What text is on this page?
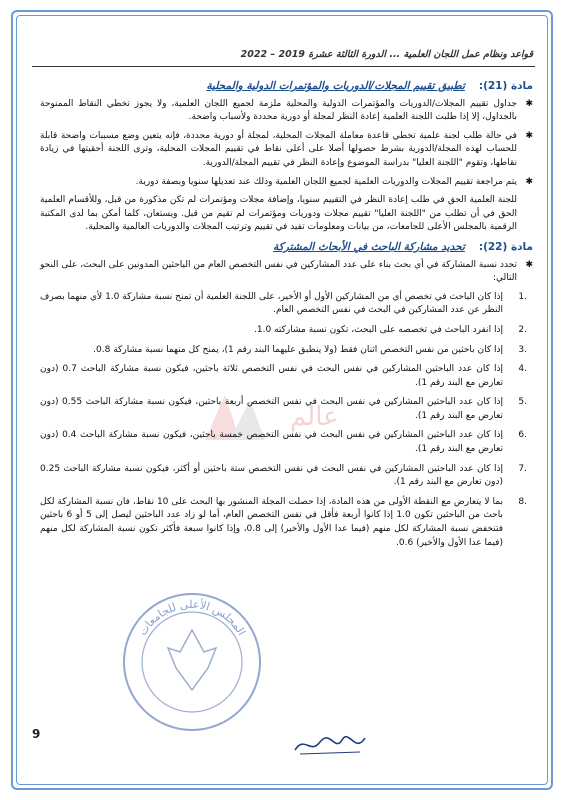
قواعد ونظام عمل اللجان العلمية ... الدورة الثالثة عشرة 2019 – 2022
عالم
مادة (21):
تطبيق تقييم المجلات/الدوريات والمؤتمرات الدولية والمحلية
✱
جداول تقييم المجلات/الدوريات والمؤتمرات الدولية والمحلية ملزمة لجميع اللجان العلمية، ولا يجوز تخطي النقاط الممنوحة بالجداول، إلا إذا طلبت اللجنة العلمية إعادة النظر لمجلة أو دورية محددة ولأسباب واضحة.
✱
في حالة طلب لجنة علمية تخطي قاعدة معاملة المجلات المحلية، لمجلة أو دورية محددة، فإنه يتعين وضع مسببات واضحة قابلة للحساب لهذه المجلة/الدورية بشرط حصولها أصلا على أعلى نقاط في تقييم المجلات المحلية، وترى اللجنة أحقيتها في زيادة نقاطها، وتقوم "اللجنة العليا" بدراسة الموضوع وإعادة النظر في تقييم المجلة/الدورية.
✱
يتم مراجعة تقييم المجلات والدوريات العلمية لجميع اللجان العلمية وذلك عند تعديلها سنويا وبصفة دورية.
للجنة العلمية الحق في طلب إعادة النظر في التقييم سنويا، وإضافة مجلات ومؤتمرات لم تكن مذكورة من قبل، وللأقسام العلمية الحق في أن تطلب من "اللجنة العليا" تقييم مجلات ودوريات ومؤتمرات لم تقيم من قبل. ويستعان، كلما أمكن بما لدى المكتبة الرقمية بالمجلس الأعلى للجامعات، من بيانات ومعلومات تفيد في تقييم وترتيب المجلات والدوريات العالمية والمحلية.
مادة (22):
تحديد مشاركة الباحث في الأبحاث المشتركة
✱
تحدد نسبة المشاركة في أي بحث بناء على عدد المشاركين في نفس التخصص العام من الباحثين المدونين على البحث، على النحو التالي:
1.
إذا كان الباحث في تخصص أي من المشاركين الأول أو الأخير، على اللجنة العلمية أن تمنح نسبة مشاركة 1.0 لأي منهما بصرف النظر عن عدد المشاركين في البحث في نفس التخصص العام.
2.
إذا انفرد الباحث في تخصصه على البحث، تكون نسبة مشاركته 1.0.
3.
إذا كان باحثين من نفس التخصص اثنان فقط (ولا ينطبق عليهما البند رقم 1)، يمنح كل منهما نسبة مشاركة 0.8.
4.
إذا كان عدد الباحثين المشاركين في نفس البحث في نفس التخصص ثلاثة باحثين، فيكون نسبة مشاركة الباحث 0.7 (دون تعارض مع البند رقم 1).
5.
إذا كان عدد الباحثين المشاركين في نفس البحث في نفس التخصص أربعة باحثين، فيكون نسبة مشاركة الباحث 0.55 (دون تعارض مع البند رقم 1).
6.
إذا كان عدد الباحثين المشاركين في نفس البحث في نفس التخصص خمسة باحثين، فيكون نسبة مشاركة الباحث 0.4 (دون تعارض مع البند رقم 1).
7.
إذا كان عدد الباحثين المشاركين في نفس البحث في نفس التخصص ستة باحثين أو أكثر، فيكون نسبة مشاركة الباحث 0.25 (دون تعارض مع البند رقم 1).
8.
بما لا يتعارض مع النقطة الأولى من هذه المادة، إذا حصلت المجلة المنشور بها البحث على 10 نقاط، فان نسبة المشاركة لكل باحث من الباحثين تكون 1.0 إذا كانوا أربعة فأقل في نفس التخصص العام، أما لو زاد عدد الباحثين ليصل إلى 5 أو 6 باحثين فتنخفض نسبة المشاركة لكل منهم (فيما عدا الأول والأخير) إلى 0.8، وإذا كانوا سبعة فأكثر تكون نسبة المشاركة لكل منهم (فيما عدا الأول والأخير) 0.6.
المجلس الأعلى للجامعات
9
